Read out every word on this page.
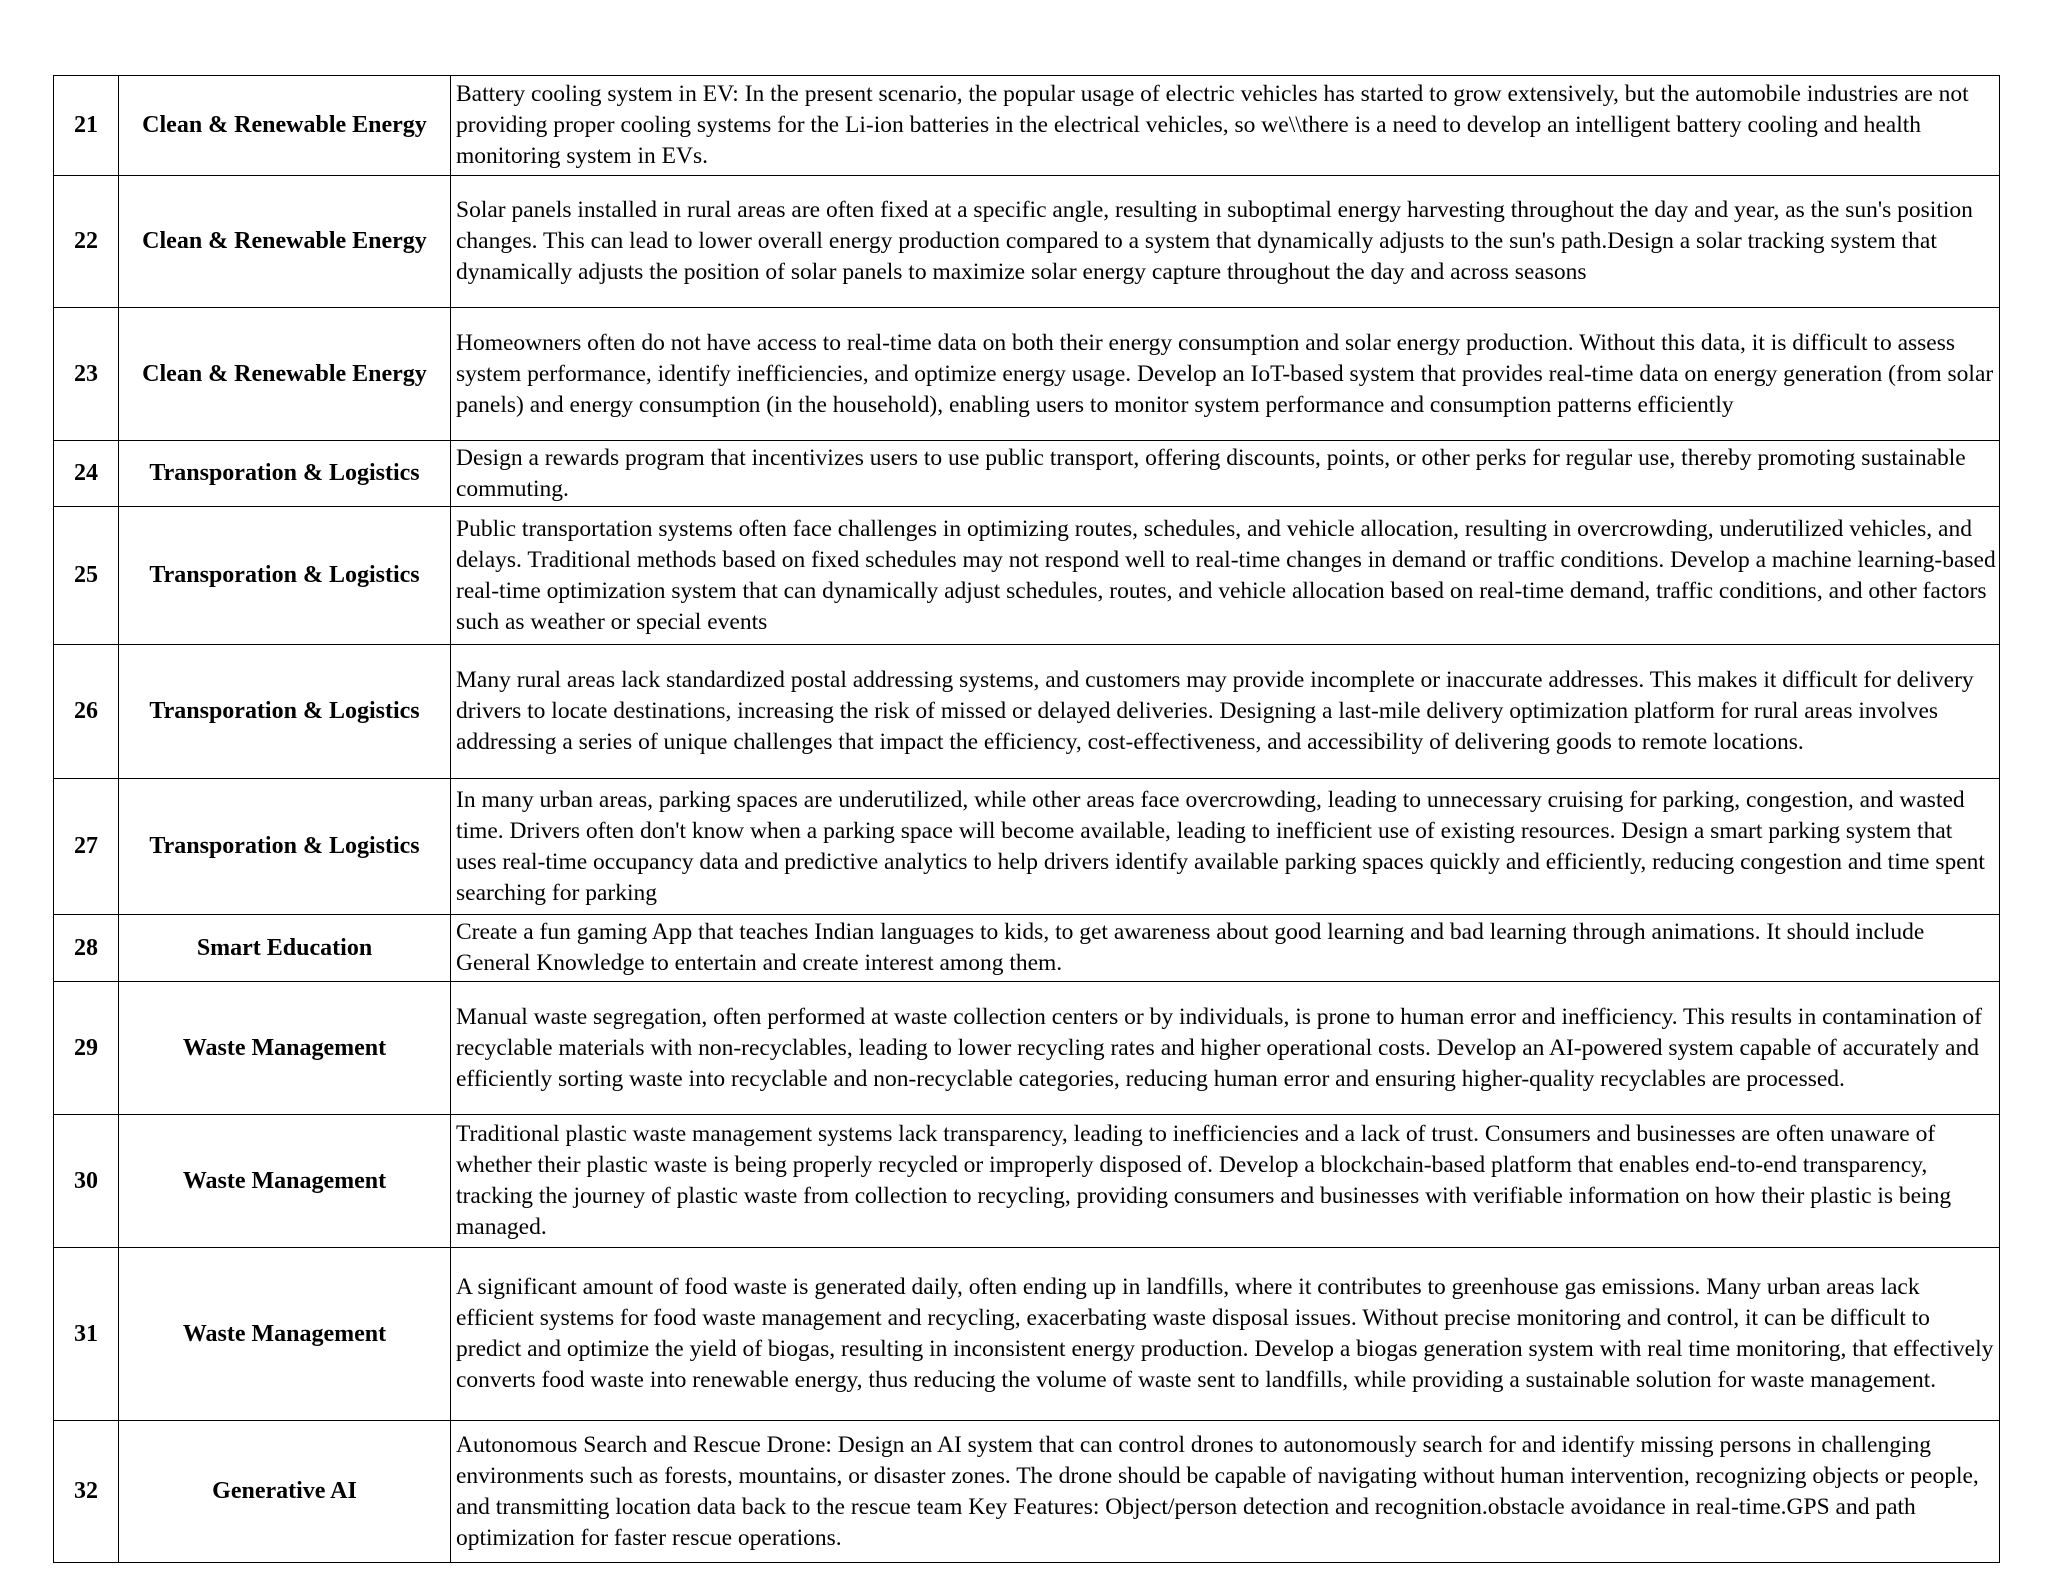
21	Clean & Renewable Energy	Battery cooling system in EV: In the present scenario, the popular usage of electric vehicles has started to grow extensively, but the automobile industries are not providing proper cooling systems for the Li-ion batteries in the electrical vehicles, so we\\there is a need to develop an intelligent battery cooling and health monitoring system in EVs.
22	Clean & Renewable Energy	Solar panels installed in rural areas are often fixed at a specific angle, resulting in suboptimal energy harvesting throughout the day and year, as the sun's position changes. This can lead to lower overall energy production compared to a system that dynamically adjusts to the sun's path.Design a solar tracking system that dynamically adjusts the position of solar panels to maximize solar energy capture throughout the day and across seasons
23	Clean & Renewable Energy	Homeowners often do not have access to real-time data on both their energy consumption and solar energy production. Without this data, it is difficult to assess system performance, identify inefficiencies, and optimize energy usage. Develop an IoT-based system that provides real-time data on energy generation (from solar panels) and energy consumption (in the household), enabling users to monitor system performance and consumption patterns efficiently
24	Transporation & Logistics	Design a rewards program that incentivizes users to use public transport, offering discounts, points, or other perks for regular use, thereby promoting sustainable commuting.
25	Transporation & Logistics	Public transportation systems often face challenges in optimizing routes, schedules, and vehicle allocation, resulting in overcrowding, underutilized vehicles, and delays. Traditional methods based on fixed schedules may not respond well to real-time changes in demand or traffic conditions. Develop a machine learning-based real-time optimization system that can dynamically adjust schedules, routes, and vehicle allocation based on real-time demand, traffic conditions, and other factors such as weather or special events
26	Transporation & Logistics	Many rural areas lack standardized postal addressing systems, and customers may provide incomplete or inaccurate addresses. This makes it difficult for delivery drivers to locate destinations, increasing the risk of missed or delayed deliveries. Designing a last-mile delivery optimization platform for rural areas involves addressing a series of unique challenges that impact the efficiency, cost-effectiveness, and accessibility of delivering goods to remote locations.
27	Transporation & Logistics	In many urban areas, parking spaces are underutilized, while other areas face overcrowding, leading to unnecessary cruising for parking, congestion, and wasted time. Drivers often don't know when a parking space will become available, leading to inefficient use of existing resources. Design a smart parking system that uses real-time occupancy data and predictive analytics to help drivers identify available parking spaces quickly and efficiently, reducing congestion and time spent searching for parking
28	Smart Education	Create a fun gaming App that teaches Indian languages to kids, to get awareness about good learning and bad learning through animations. It should include General Knowledge to entertain and create interest among them.
29	Waste Management	Manual waste segregation, often performed at waste collection centers or by individuals, is prone to human error and inefficiency. This results in contamination of recyclable materials with non-recyclables, leading to lower recycling rates and higher operational costs. Develop an AI-powered system capable of accurately and efficiently sorting waste into recyclable and non-recyclable categories, reducing human error and ensuring higher-quality recyclables are processed.
30	Waste Management	Traditional plastic waste management systems lack transparency, leading to inefficiencies and a lack of trust. Consumers and businesses are often unaware of whether their plastic waste is being properly recycled or improperly disposed of. Develop a blockchain-based platform that enables end-to-end transparency, tracking the journey of plastic waste from collection to recycling, providing consumers and businesses with verifiable information on how their plastic is being managed.
31	Waste Management	A significant amount of food waste is generated daily, often ending up in landfills, where it contributes to greenhouse gas emissions. Many urban areas lack efficient systems for food waste management and recycling, exacerbating waste disposal issues. Without precise monitoring and control, it can be difficult to predict and optimize the yield of biogas, resulting in inconsistent energy production. Develop a biogas generation system with real time monitoring, that effectively converts food waste into renewable energy, thus reducing the volume of waste sent to landfills, while providing a sustainable solution for waste management.
32	Generative AI	Autonomous Search and Rescue Drone: Design an AI system that can control drones to autonomously search for and identify missing persons in challenging environments such as forests, mountains, or disaster zones. The drone should be capable of navigating without human intervention, recognizing objects or people, and transmitting location data back to the rescue team Key Features: Object/person detection and recognition.obstacle avoidance in real-time.GPS and path optimization for faster rescue operations.
